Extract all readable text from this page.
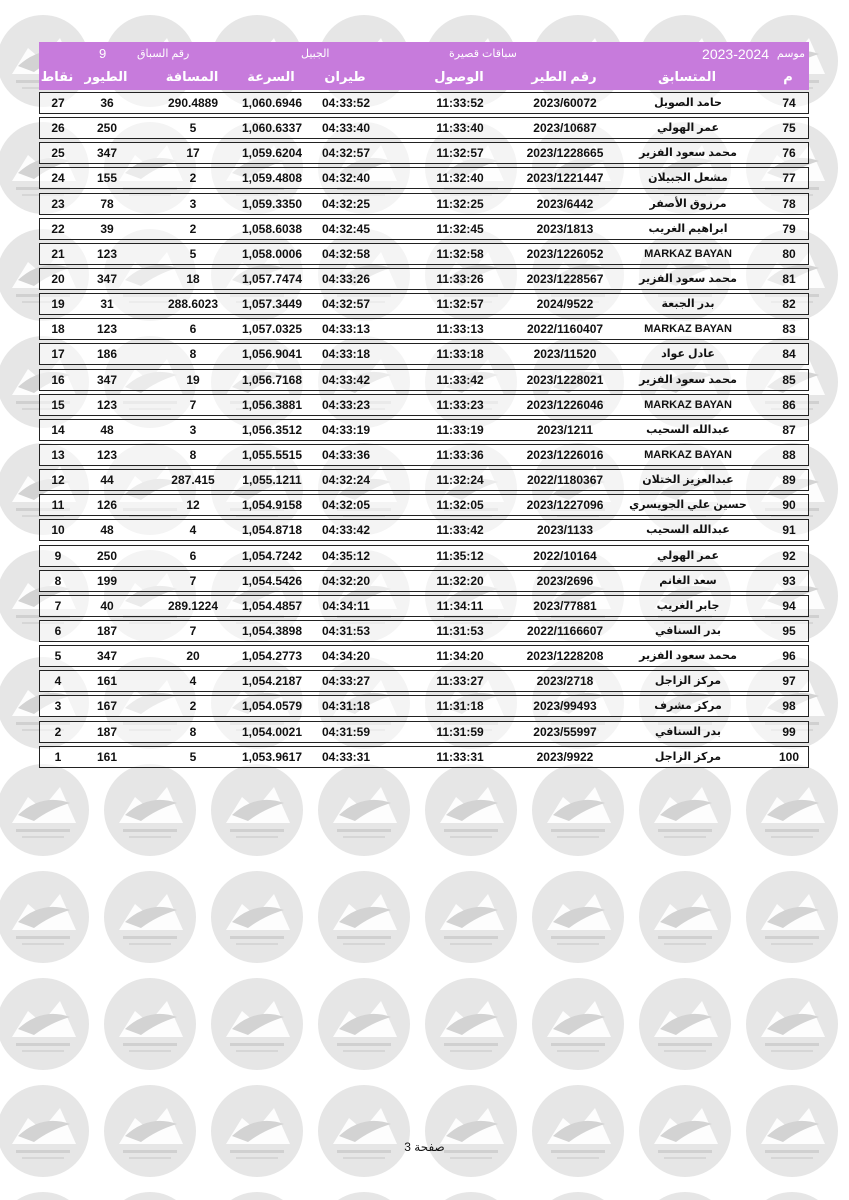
موسم
2023-2024
سباقات قصيرة
الجبيل
رقم السباق
9
م
المتسابق
رقم الطير
الوصول
طيران
السرعة
المسافة
الطيور
نقاط
74
حامد الصويل
2023/60072
11:33:52
04:33:52
1,060.6946
290.4889
36
27
75
عمر الهولي
2023/10687
11:33:40
04:33:40
1,060.6337
5
250
26
76
محمد سعود الفزير
2023/1228665
11:32:57
04:32:57
1,059.6204
17
347
25
77
مشعل الجبيلان
2023/1221447
11:32:40
04:32:40
1,059.4808
2
155
24
78
مرزوق الأصفر
2023/6442
11:32:25
04:32:25
1,059.3350
3
78
23
79
ابراهيم الغريب
2023/1813
11:32:45
04:32:45
1,058.6038
2
39
22
80
MARKAZ BAYAN
2023/1226052
11:32:58
04:32:58
1,058.0006
5
123
21
81
محمد سعود الفزير
2023/1228567
11:33:26
04:33:26
1,057.7474
18
347
20
82
بدر الجبعة
2024/9522
11:32:57
04:32:57
1,057.3449
288.6023
31
19
83
MARKAZ BAYAN
2022/1160407
11:33:13
04:33:13
1,057.0325
6
123
18
84
عادل عواد
2023/11520
11:33:18
04:33:18
1,056.9041
8
186
17
85
محمد سعود الفزير
2023/1228021
11:33:42
04:33:42
1,056.7168
19
347
16
86
MARKAZ BAYAN
2023/1226046
11:33:23
04:33:23
1,056.3881
7
123
15
87
عبدالله السحيب
2023/1211
11:33:19
04:33:19
1,056.3512
3
48
14
88
MARKAZ BAYAN
2023/1226016
11:33:36
04:33:36
1,055.5515
8
123
13
89
عبدالعزيز الختلان
2022/1180367
11:32:24
04:32:24
1,055.1211
287.415
44
12
90
حسين علي الجويسري
2023/1227096
11:32:05
04:32:05
1,054.9158
12
126
11
91
عبدالله السحيب
2023/1133
11:33:42
04:33:42
1,054.8718
4
48
10
92
عمر الهولي
2022/10164
11:35:12
04:35:12
1,054.7242
6
250
9
93
سعد الغانم
2023/2696
11:32:20
04:32:20
1,054.5426
7
199
8
94
جابر الغريب
2023/77881
11:34:11
04:34:11
1,054.4857
289.1224
40
7
95
بدر السنافي
2022/1166607
11:31:53
04:31:53
1,054.3898
7
187
6
96
محمد سعود الفزير
2023/1228208
11:34:20
04:34:20
1,054.2773
20
347
5
97
مركز الزاجل
2023/2718
11:33:27
04:33:27
1,054.2187
4
161
4
98
مركز مشرف
2023/99493
11:31:18
04:31:18
1,054.0579
2
167
3
99
بدر السنافي
2023/55997
11:31:59
04:31:59
1,054.0021
8
187
2
100
مركز الزاجل
2023/9922
11:33:31
04:33:31
1,053.9617
5
161
1
صفحة 3
